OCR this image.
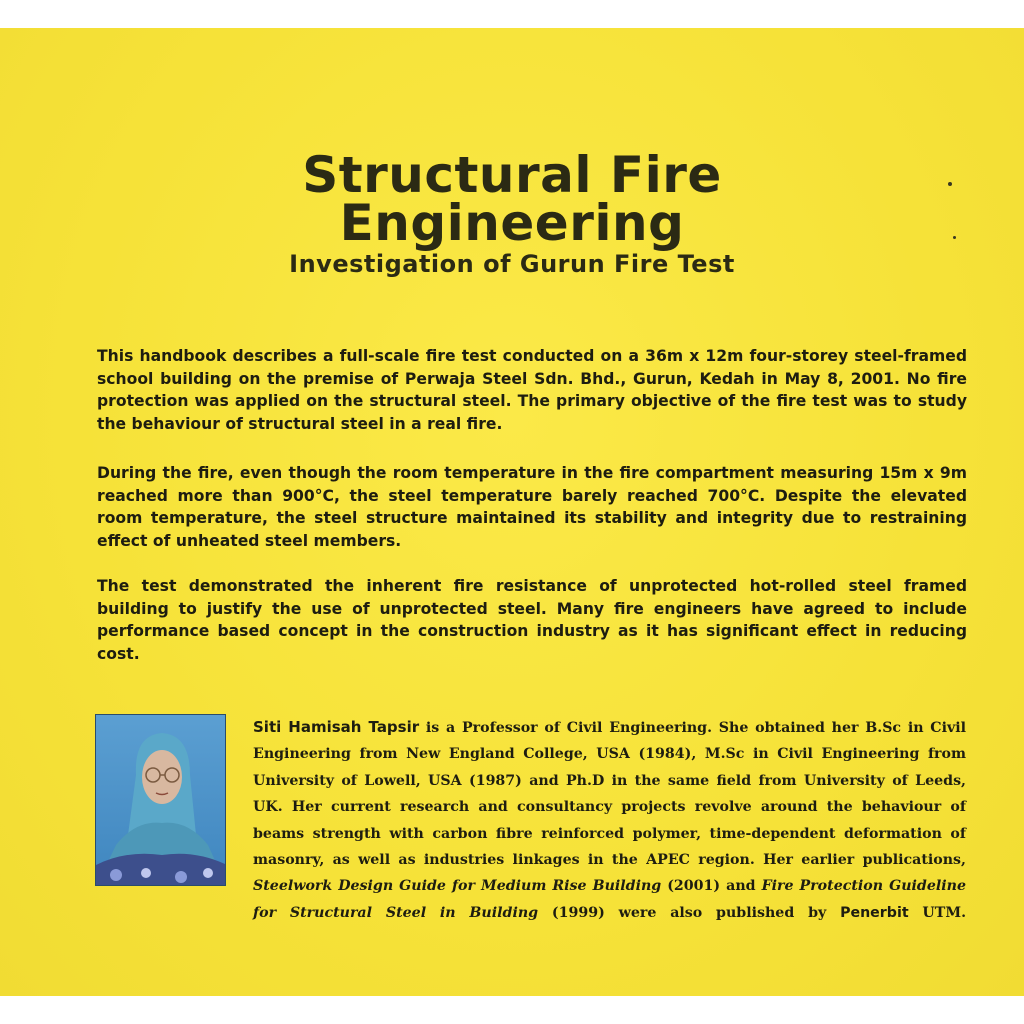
Structural Fire
Engineering
Investigation of Gurun Fire Test

This handbook describes a full-scale fire test conducted on a 36m x 12m four-storey steel-framed school building on the premise of Perwaja Steel Sdn. Bhd., Gurun, Kedah in May 8, 2001. No fire protection was applied on the structural steel. The primary objective of the fire test was to study the behaviour of structural steel in a real fire.

During the fire, even though the room temperature in the fire compartment measuring 15m x 9m reached more than 900°C, the steel temperature barely reached 700°C. Despite the elevated room temperature, the steel structure maintained its stability and integrity due to restraining effect of unheated steel members.

The test demonstrated the inherent fire resistance of unprotected hot-rolled steel framed building to justify the use of unprotected steel. Many fire engineers have agreed to include performance based concept in the construction industry as it has significant effect in reducing cost.

Siti Hamisah Tapsir is a Professor of Civil Engineering. She obtained her B.Sc in Civil Engineering from New England College, USA (1984), M.Sc in Civil Engineering from University of Lowell, USA (1987) and Ph.D in the same field from University of Leeds, UK. Her current research and consultancy projects revolve around the behaviour of beams strength with carbon fibre reinforced polymer, time-dependent deformation of masonry, as well as industries linkages in the APEC region. Her earlier publications, Steelwork Design Guide for Medium Rise Building (2001) and Fire Protection Guideline for Structural Steel in Building (1999) were also published by Penerbit UTM.
